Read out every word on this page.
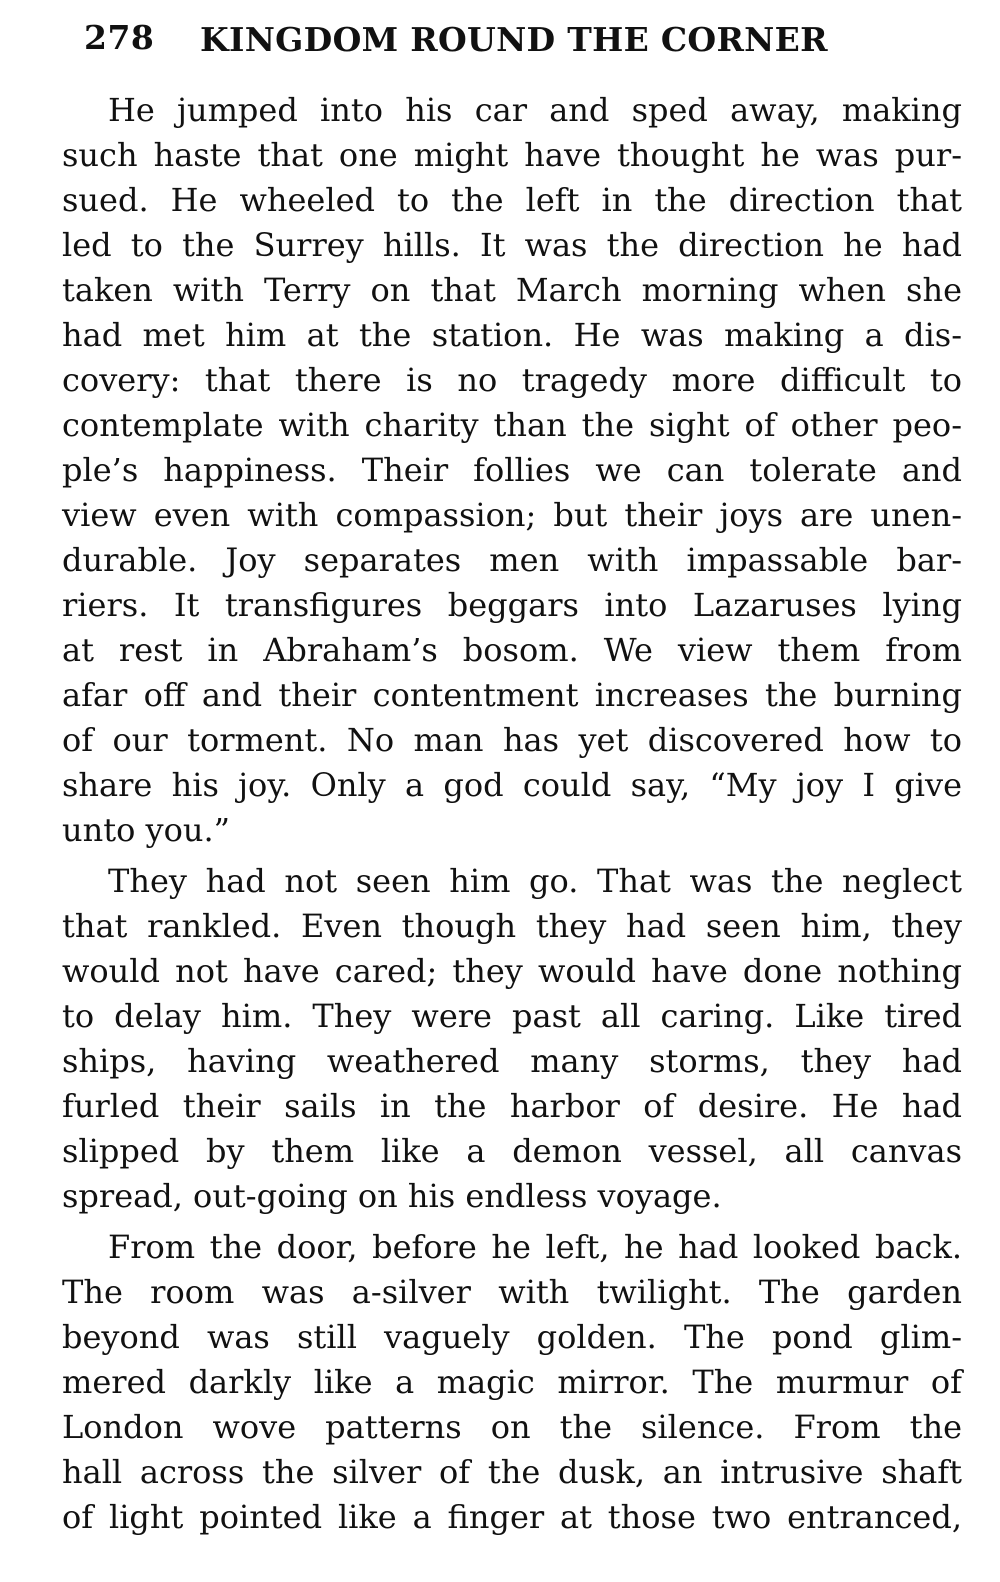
278 KINGDOM ROUND THE CORNER
He jumped into his car and sped away, making
such haste that one might have thought he was pur-
sued. He wheeled to the left in the direction that
led to the Surrey hills. It was the direction he had
taken with Terry on that March morning when she
had met him at the station. He was making a dis-
covery: that there is no tragedy more difficult to
contemplate with charity than the sight of other peo-
ple’s happiness. Their follies we can tolerate and
view even with compassion; but their joys are unen-
durable. Joy separates men with impassable bar-
riers. It transfigures beggars into Lazaruses lying
at rest in Abraham’s bosom. We view them from
afar off and their contentment increases the burning
of our torment. No man has yet discovered how to
share his joy. Only a god could say, “My joy I give
unto you.”
They had not seen him go. That was the neglect
that rankled. Even though they had seen him, they
would not have cared; they would have done nothing
to delay him. They were past all caring. Like tired
ships, having weathered many storms, they had
furled their sails in the harbor of desire. He had
slipped by them like a demon vessel, all canvas
spread, out-going on his endless voyage.
From the door, before he left, he had looked back.
The room was a-silver with twilight. The garden
beyond was still vaguely golden. The pond glim-
mered darkly like a magic mirror. The murmur of
London wove patterns on the silence. From the
hall across the silver of the dusk, an intrusive shaft
of light pointed like a finger at those two entranced,
